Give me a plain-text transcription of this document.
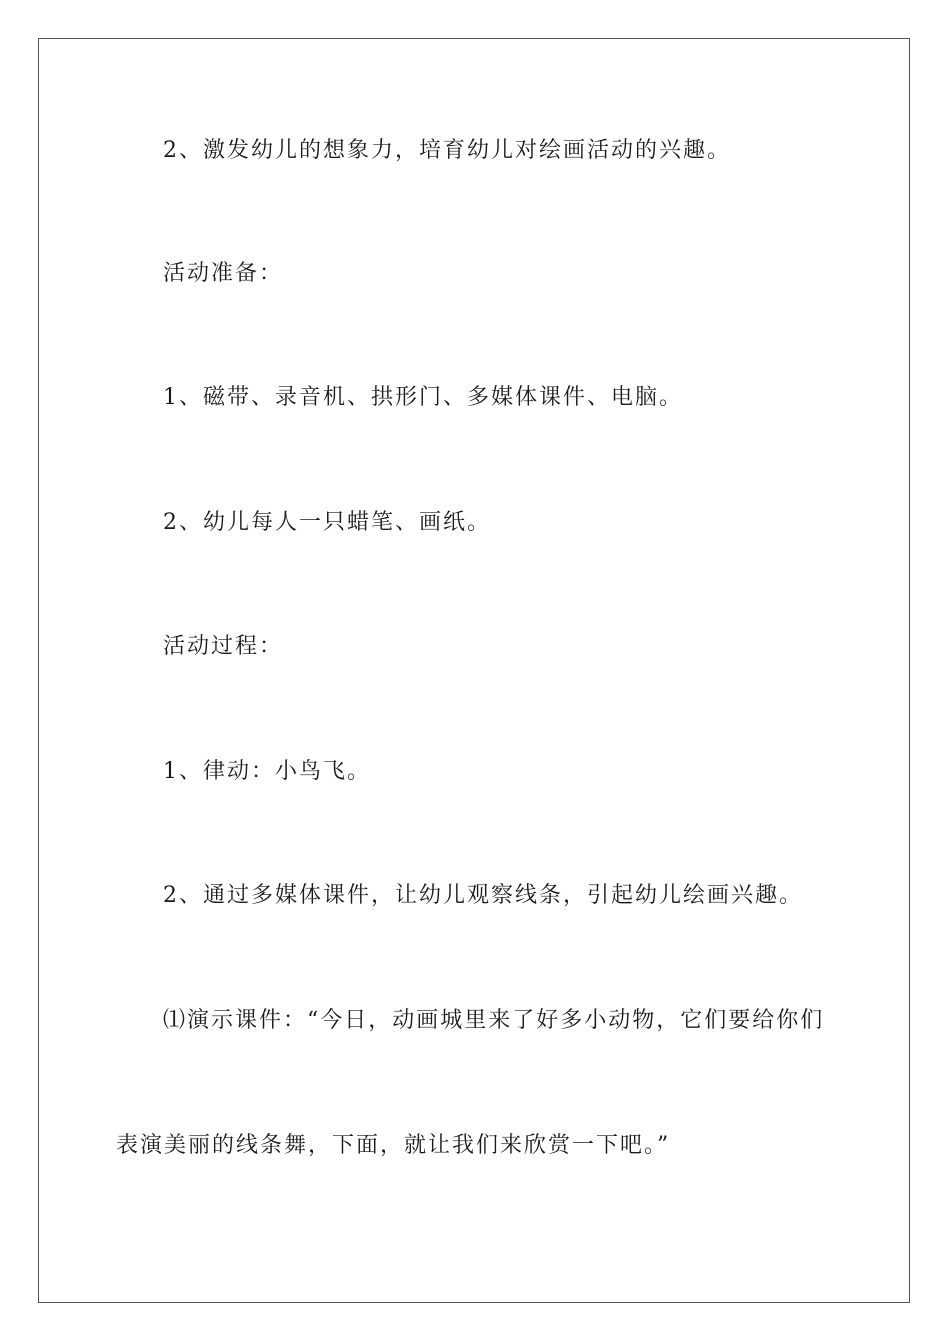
2、激发幼儿的想象力，培育幼儿对绘画活动的兴趣。
活动准备：
1、磁带、录音机、拱形门、多媒体课件、电脑。
2、幼儿每人一只蜡笔、画纸。
活动过程：
1、律动：小鸟飞。
2、通过多媒体课件，让幼儿观察线条，引起幼儿绘画兴趣。
⑴演示课件：“今日，动画城里来了好多小动物，它们要给你们
表演美丽的线条舞，下面，就让我们来欣赏一下吧。”
